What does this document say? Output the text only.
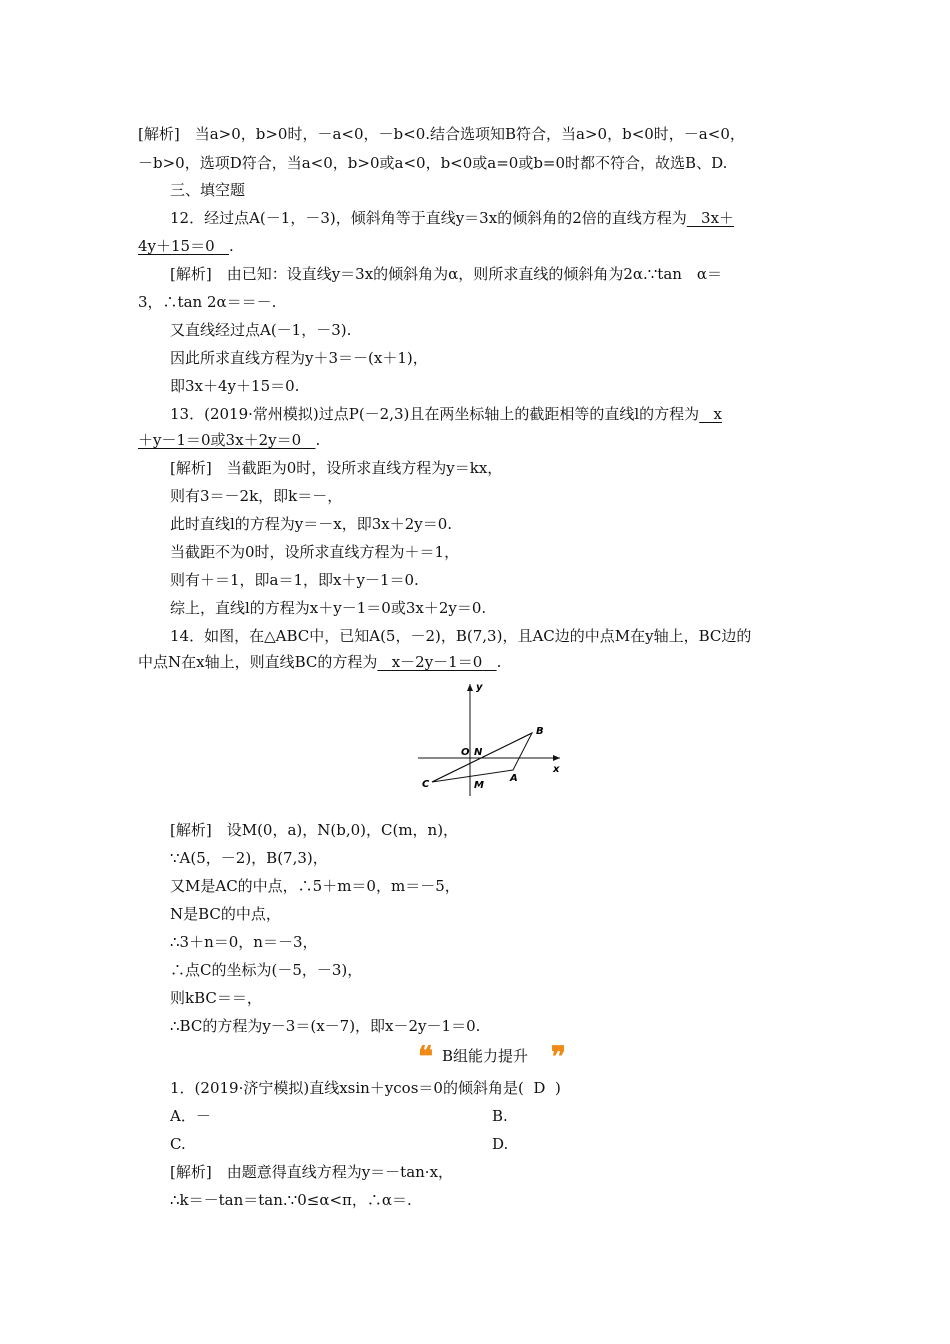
[解析]　当a>0，b>0时，－a<0，－b<0.结合选项知B符合，当a>0，b<0时，－a<0，
－b>0，选项D符合，当a<0，b>0或a<0，b<0或a=0或b=0时都不符合，故选B、D.
三、填空题
12．经过点A(－1，－3)，倾斜角等于直线y＝3x的倾斜角的2倍的直线方程为 3x＋
4y＋15＝0 .
[解析]　由已知：设直线y＝3x的倾斜角为α，则所求直线的倾斜角为2α.∵tan　α＝
3，∴tan 2α＝＝－.
又直线经过点A(－1，－3).
因此所求直线方程为y＋3＝－(x＋1)，
即3x＋4y＋15＝0.
13．(2019·常州模拟)过点P(－2,3)且在两坐标轴上的截距相等的直线l的方程为 x
＋y－1＝0或3x＋2y＝0 .
[解析]　当截距为0时，设所求直线方程为y＝kx，
则有3＝－2k，即k＝－，
此时直线l的方程为y＝－x，即3x＋2y＝0.
当截距不为0时，设所求直线方程为＋＝1，
则有＋＝1，即a＝1，即x＋y－1＝0.
综上，直线l的方程为x＋y－1＝0或3x＋2y＝0.
14．如图，在△ABC中，已知A(5，－2)，B(7,3)，且AC边的中点M在y轴上，BC边的
中点N在x轴上，则直线BC的方程为 x－2y－1＝0 .
y
x
O N
B
C	M
A
[解析]　设M(0，a)，N(b,0)，C(m，n)，
∵A(5，－2)，B(7,3)，
又M是AC的中点，∴5＋m＝0，m＝－5，
N是BC的中点，
∴3＋n＝0，n＝－3，
∴点C的坐标为(－5，－3)，
则kBC＝＝，
∴BC的方程为y－3＝(x－7)，即x－2y－1＝0.
❝ B组能力提升 ❞
1．(2019·济宁模拟)直线xsin＋ycos＝0的倾斜角是( D )
A．－	B.
C.	D.
[解析]　由题意得直线方程为y＝－tan·x，
∴k＝－tan＝tan.∵0≤α<π，∴α＝.
